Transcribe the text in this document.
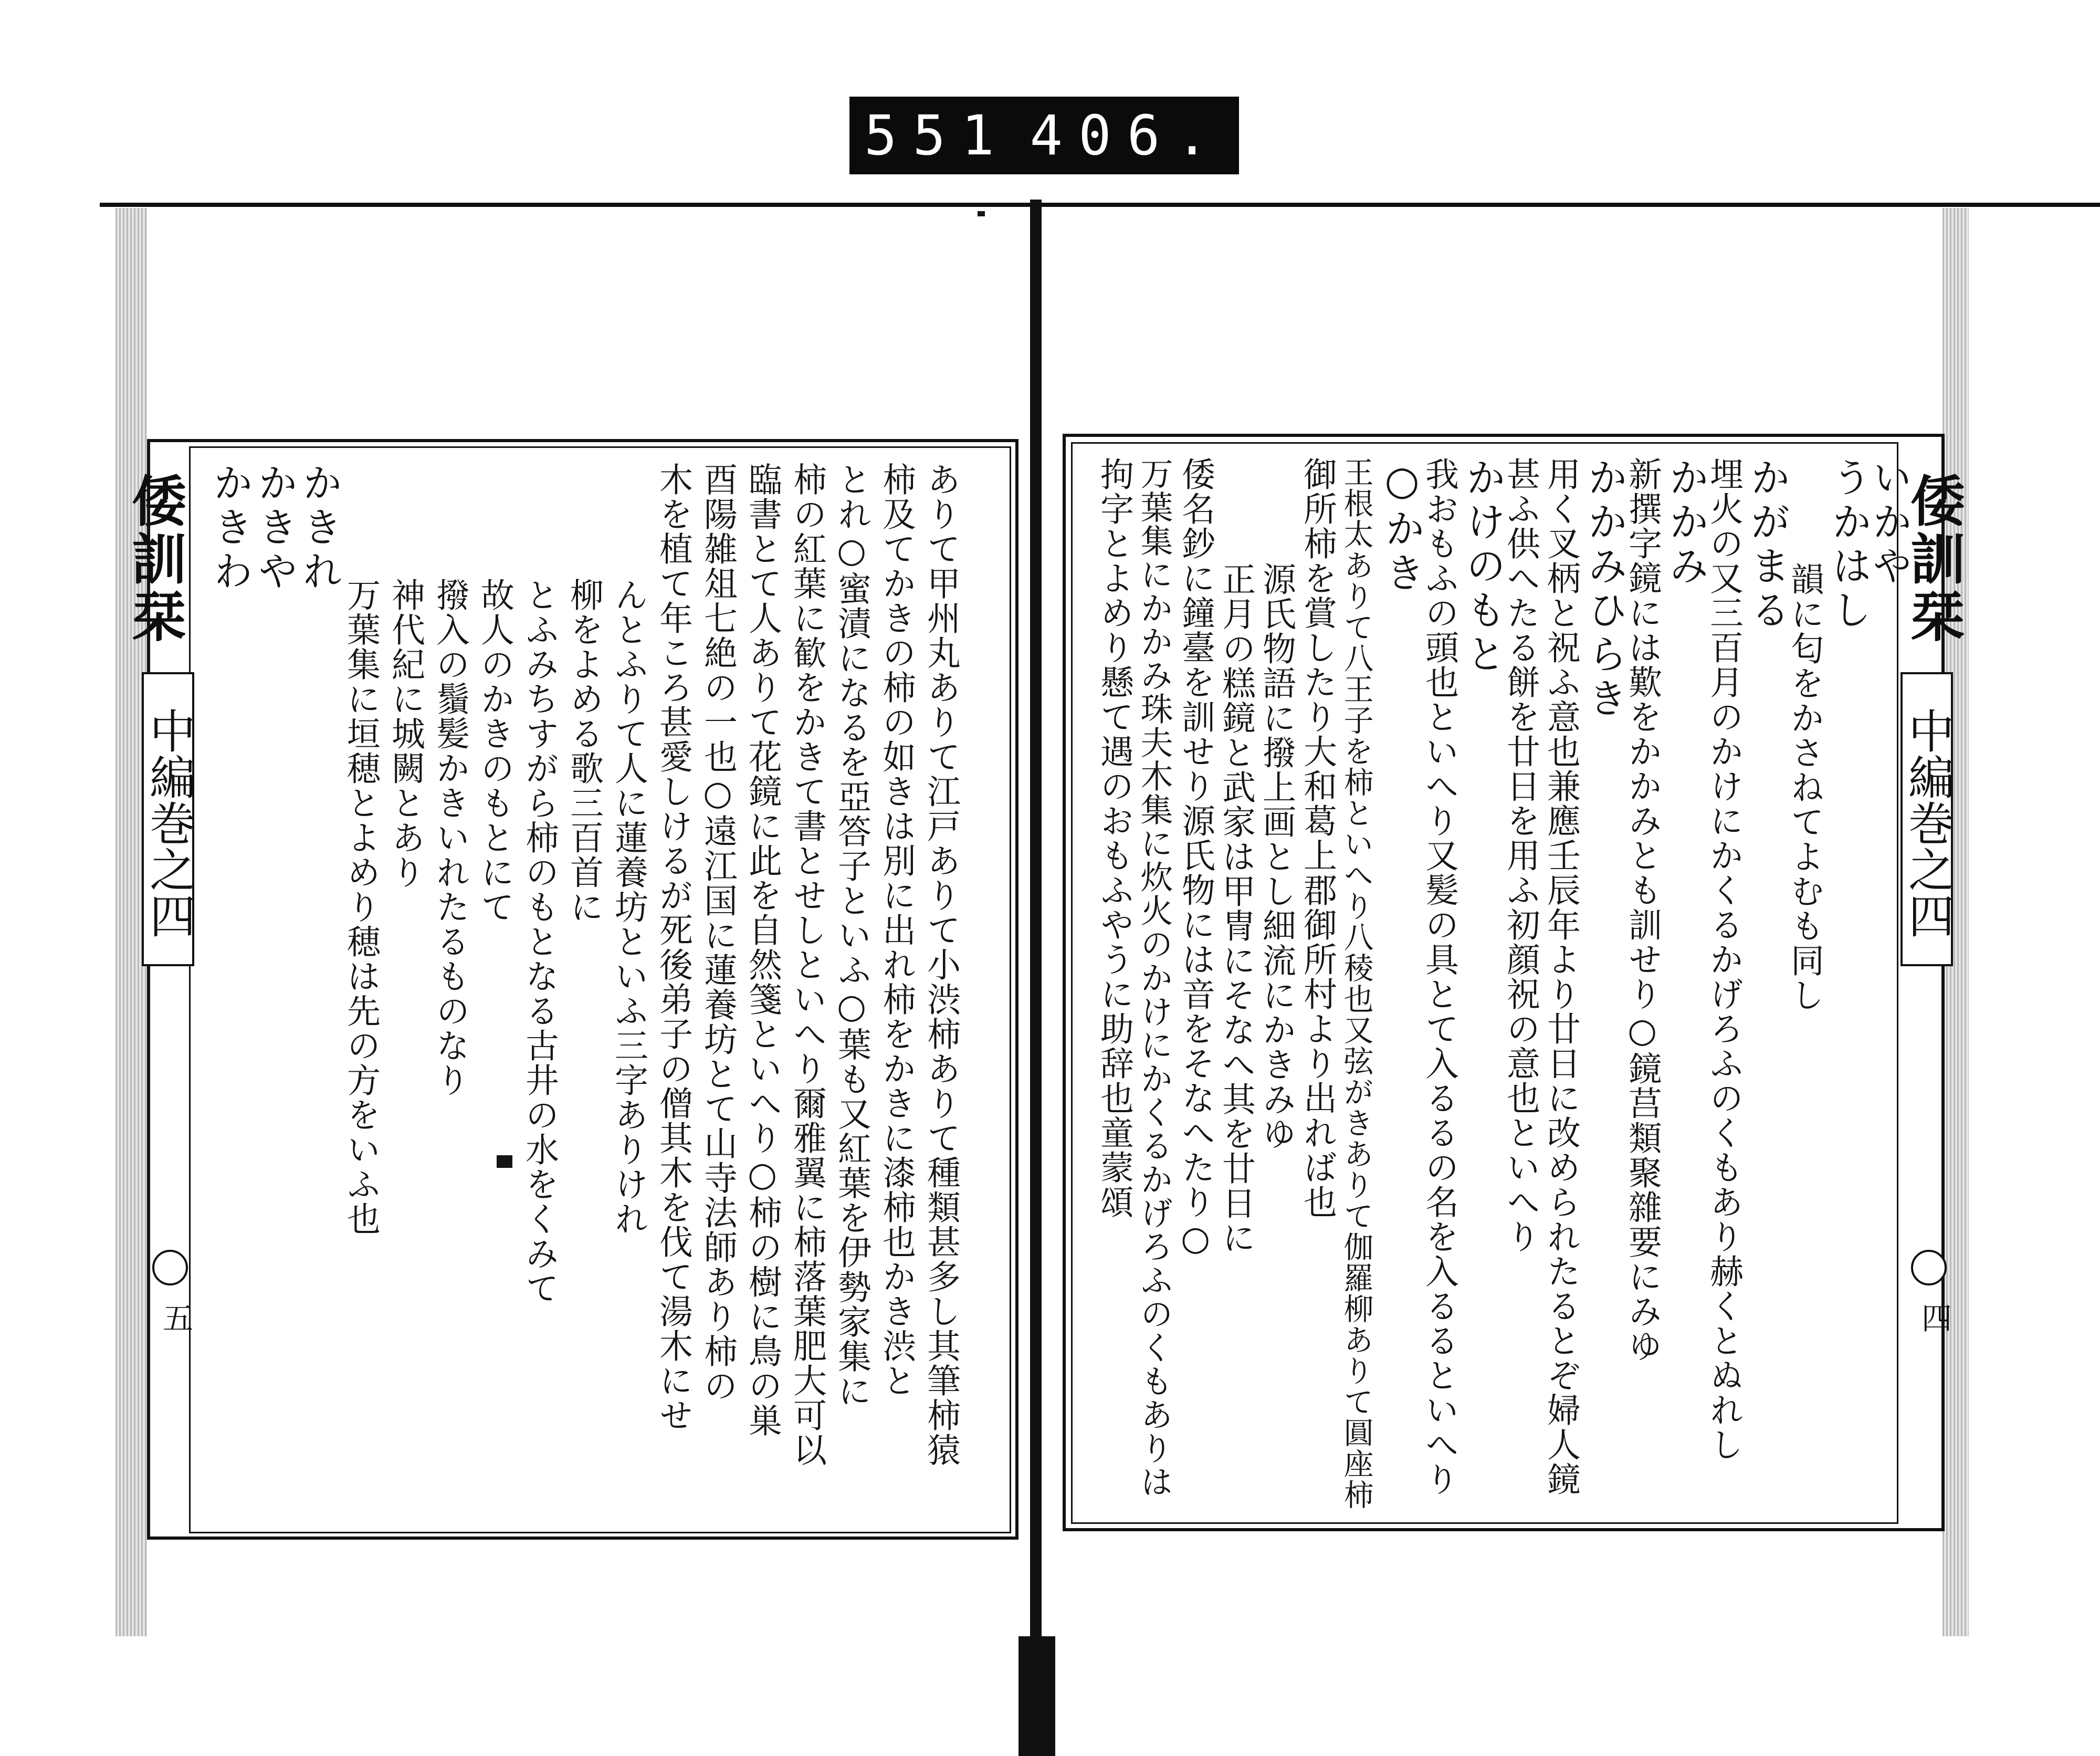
551 406.
倭訓栞
中編巻之四
五
かきわ
かきや
かきれ
万葉集に垣穂とよめり穂は先の方をいふ也 神代紀に城闕とあり 撥入の鬚髪かきいれたるものなり 故人のかきのもとにて とふみちすがら柿のもとなる古井の水をくみて 柳をよめる歌三百首に んとふりて人に蓮養坊といふ三字ありけれ 木を植て年ころ甚愛しけるが死後弟子の僧其木を伐て湯木にせ 酉陽雑俎七絶の一也○遠江国に蓮養坊とて山寺法師あり柿の 臨書とて人ありて花鏡に此を自然箋といへり○柿の樹に鳥の巣 柿の紅葉に歓をかきて書とせしといへり爾雅翼に柿落葉肥大可以 とれ○蜜漬になるを亞答子といふ○葉も又紅葉を伊勢家集に 柿及てかきの柿の如きは別に出れ柿をかきに漆柿也かき渋と ありて甲州丸ありて江戸ありて小渋柿ありて種類甚多し其筆柿猿	倭訓栞
中編巻之四
四
いかや
うかはし
韻に匂をかさねてよむも同し
かがまる
埋火の又三百月のかけにかくるかげろふのくもあり赫くとぬれし
かかみ
新撰字鏡には歎をかかみとも訓せり○鏡莒類聚雜要にみゆ
かかみひらき
用く叉柄と祝ふ意也兼應壬辰年より廿日に改められたるとぞ婦人鏡
甚ふ供へたる餅を廿日を用ふ初顔祝の意也といへり
かけのもと
我おもふの頭也といへり又髪の具とて入るるの名を入るるといへり
○かき
王根太ありて八王子を柿といへり八稜也又弦がきありて伽羅柳ありて圓座柿
御所柿を賞したり大和葛上郡御所村より出れば也
源氏物語に撥上画とし細流にかきみゆ
正月の糕鏡と武家は甲冑にそなへ其を廿日に
倭名鈔に鐘臺を訓せり源氏物には音をそなへたり○
万葉集にかかみ珠夫木集に炊火のかけにかくるかげろふのくもありは
拘字とよめり懸て遇のおもふやうに助辞也童蒙頌
